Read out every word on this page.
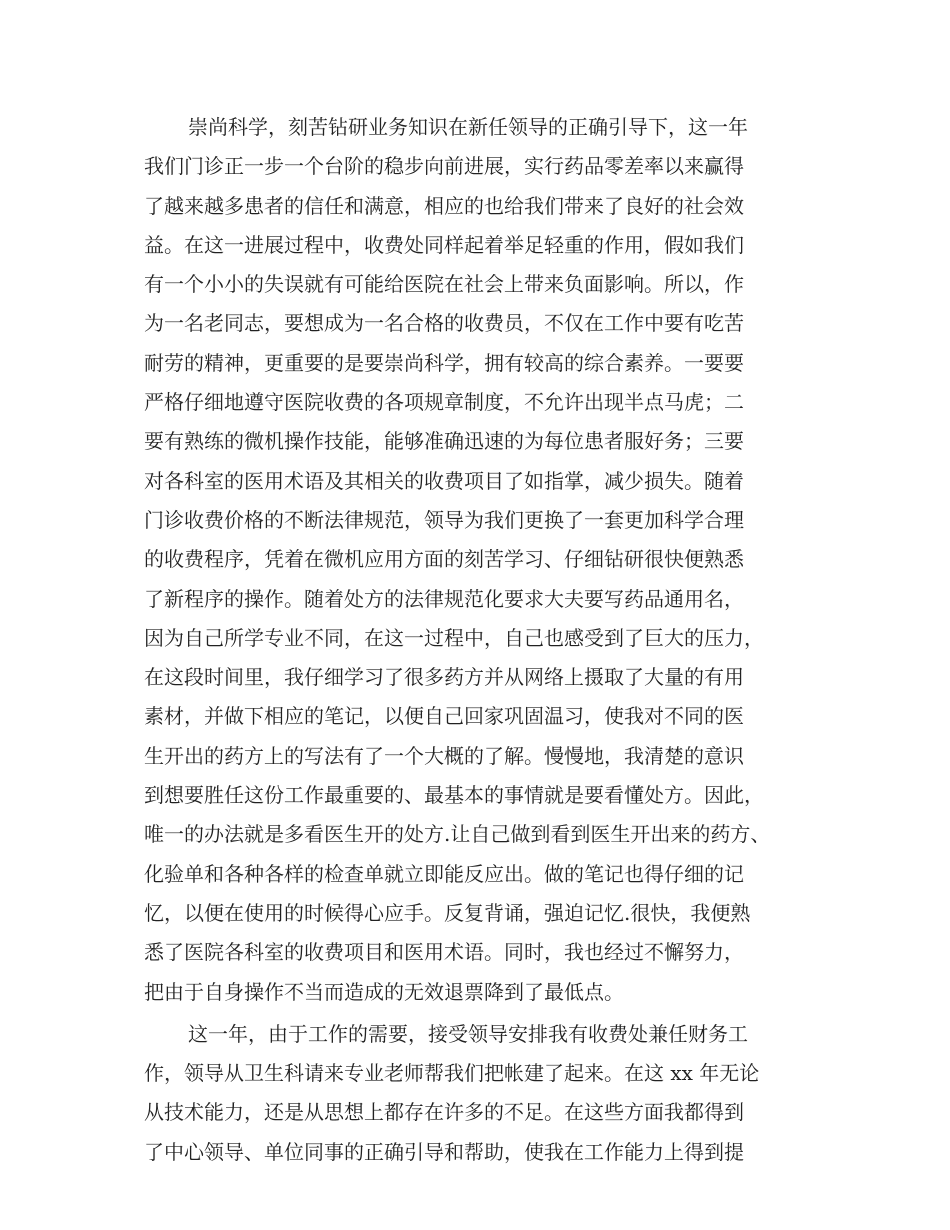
崇尚科学，刻苦钻研业务知识在新任领导的正确引导下，这一年
我们门诊正一步一个台阶的稳步向前进展，实行药品零差率以来赢得
了越来越多患者的信任和满意，相应的也给我们带来了良好的社会效
益。在这一进展过程中，收费处同样起着举足轻重的作用，假如我们
有一个小小的失误就有可能给医院在社会上带来负面影响。所以，作
为一名老同志，要想成为一名合格的收费员，不仅在工作中要有吃苦
耐劳的精神，更重要的是要崇尚科学，拥有较高的综合素养。一要要
严格仔细地遵守医院收费的各项规章制度，不允许出现半点马虎；二
要有熟练的微机操作技能，能够准确迅速的为每位患者服好务；三要
对各科室的医用术语及其相关的收费项目了如指掌，减少损失。随着
门诊收费价格的不断法律规范，领导为我们更换了一套更加科学合理
的收费程序，凭着在微机应用方面的刻苦学习、仔细钻研很快便熟悉
了新程序的操作。随着处方的法律规范化要求大夫要写药品通用名，
因为自己所学专业不同，在这一过程中，自己也感受到了巨大的压力，
在这段时间里，我仔细学习了很多药方并从网络上摄取了大量的有用
素材，并做下相应的笔记，以便自己回家巩固温习，使我对不同的医
生开出的药方上的写法有了一个大概的了解。慢慢地，我清楚的意识
到想要胜任这份工作最重要的、最基本的事情就是要看懂处方。因此，
唯一的办法就是多看医生开的处方.让自己做到看到医生开出来的药方、
化验单和各种各样的检查单就立即能反应出。做的笔记也得仔细的记
忆，以便在使用的时候得心应手。反复背诵，强迫记忆.很快，我便熟
悉了医院各科室的收费项目和医用术语。同时，我也经过不懈努力，
把由于自身操作不当而造成的无效退票降到了最低点。
这一年，由于工作的需要，接受领导安排我有收费处兼任财务工
作，领导从卫生科请来专业老师帮我们把帐建了起来。在这 xx 年无论
从技术能力，还是从思想上都存在许多的不足。在这些方面我都得到
了中心领导、单位同事的正确引导和帮助，使我在工作能力上得到提
